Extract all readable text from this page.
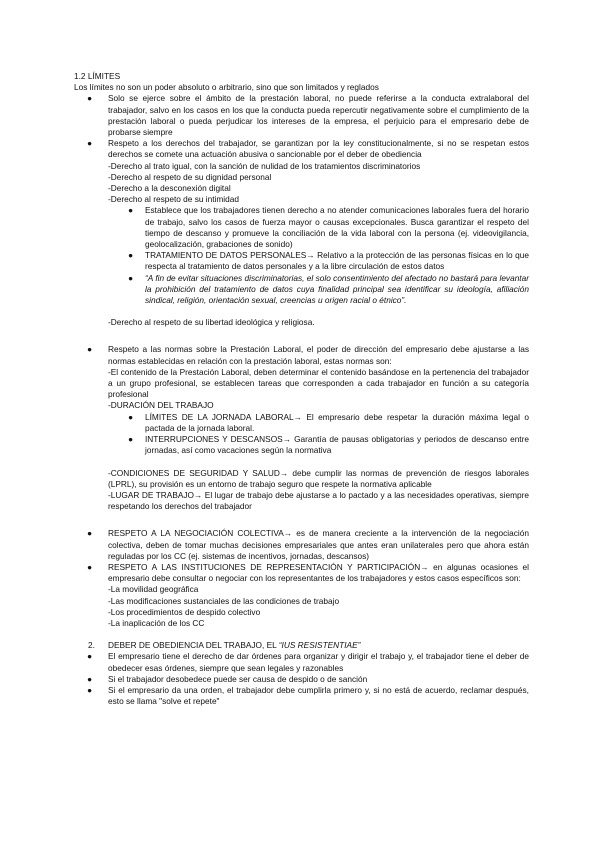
1.2 LÍMITES

Los límites no son un poder absoluto o arbitrario, sino que son limitados y reglados

● Solo se ejerce sobre el ámbito de la prestación laboral, no puede referirse a la conducta extralaboral del trabajador, salvo en los casos en los que la conducta pueda repercutir negativamente sobre el cumplimiento de la prestación laboral o pueda perjudicar los intereses de la empresa, el perjuicio para el empresario debe de probarse siempre

● Respeto a los derechos del trabajador, se garantizan por la ley constitucionalmente, si no se respetan estos derechos se comete una actuación abusiva o sancionable por el deber de obediencia

-Derecho al trato igual, con la sanción de nulidad de los tratamientos discriminatorios

-Derecho al respeto de su dignidad personal

-Derecho a la desconexión digital

-Derecho al respeto de su intimidad

● Establece que los trabajadores tienen derecho a no atender comunicaciones laborales fuera del horario de trabajo, salvo los casos de fuerza mayor o causas excepcionales. Busca garantizar el respeto del tiempo de descanso y promueve la conciliación de la vida laboral con la persona (ej. videovigilancia, geolocalización, grabaciones de sonido)

● TRATAMIENTO DE DATOS PERSONALES→ Relativo a la protección de las personas físicas en lo que respecta al tratamiento de datos personales y a la libre circulación de estos datos

● “A fin de evitar situaciones discriminatorias, el solo consentimiento del afectado no bastará para levantar la prohibición del tratamiento de datos cuya finalidad principal sea identificar su ideología, afiliación sindical, religión, orientación sexual, creencias u origen racial o étnico”.

-Derecho al respeto de su libertad ideológica y religiosa.

● Respeto a las normas sobre la Prestación Laboral, el poder de dirección del empresario debe ajustarse a las normas establecidas en relación con la prestación laboral, estas normas son:

-El contenido de la Prestación Laboral, deben determinar el contenido basándose en la pertenencia del trabajador a un grupo profesional, se establecen tareas que corresponden a cada trabajador en función a su categoría profesional

-DURACIÓN DEL TRABAJO

● LÍMITES DE LA JORNADA LABORAL→ El empresario debe respetar la duración máxima legal o pactada de la jornada laboral.

● INTERRUPCIONES Y DESCANSOS→ Garantía de pausas obligatorias y periodos de descanso entre jornadas, así como vacaciones según la normativa

-CONDICIONES DE SEGURIDAD Y SALUD→ debe cumplir las normas de prevención de riesgos laborales (LPRL), su provisión es un entorno de trabajo seguro que respete la normativa aplicable

-LUGAR DE TRABAJO→ El lugar de trabajo debe ajustarse a lo pactado y a las necesidades operativas, siempre respetando los derechos del trabajador

● RESPETO A LA NEGOCIACIÓN COLECTIVA→ es de manera creciente a la intervención de la negociación colectiva, deben de tomar muchas decisiones empresariales que antes eran unilaterales pero que ahora están reguladas por los CC (ej. sistemas de incentivos, jornadas, descansos)

● RESPETO A LAS INSTITUCIONES DE REPRESENTACIÓN Y PARTICIPACIÓN→ en algunas ocasiones el empresario debe consultar o negociar con los representantes de los trabajadores y estos casos específicos son:

-La movilidad geográfica

-Las modificaciones sustanciales de las condiciones de trabajo

-Los procedimientos de despido colectivo

-La inaplicación de los CC

2. DEBER DE OBEDIENCIA DEL TRABAJO, EL “IUS RESISTENTIAE”
● El empresario tiene el derecho de dar órdenes para organizar y dirigir el trabajo y, el trabajador tiene el deber de obedecer esas órdenes, siempre que sean legales y razonables

● Si el trabajador desobedece puede ser causa de despido o de sanción

● Si el empresario da una orden, el trabajador debe cumplirla primero y, si no está de acuerdo, reclamar después, esto se llama "solve et repete"
